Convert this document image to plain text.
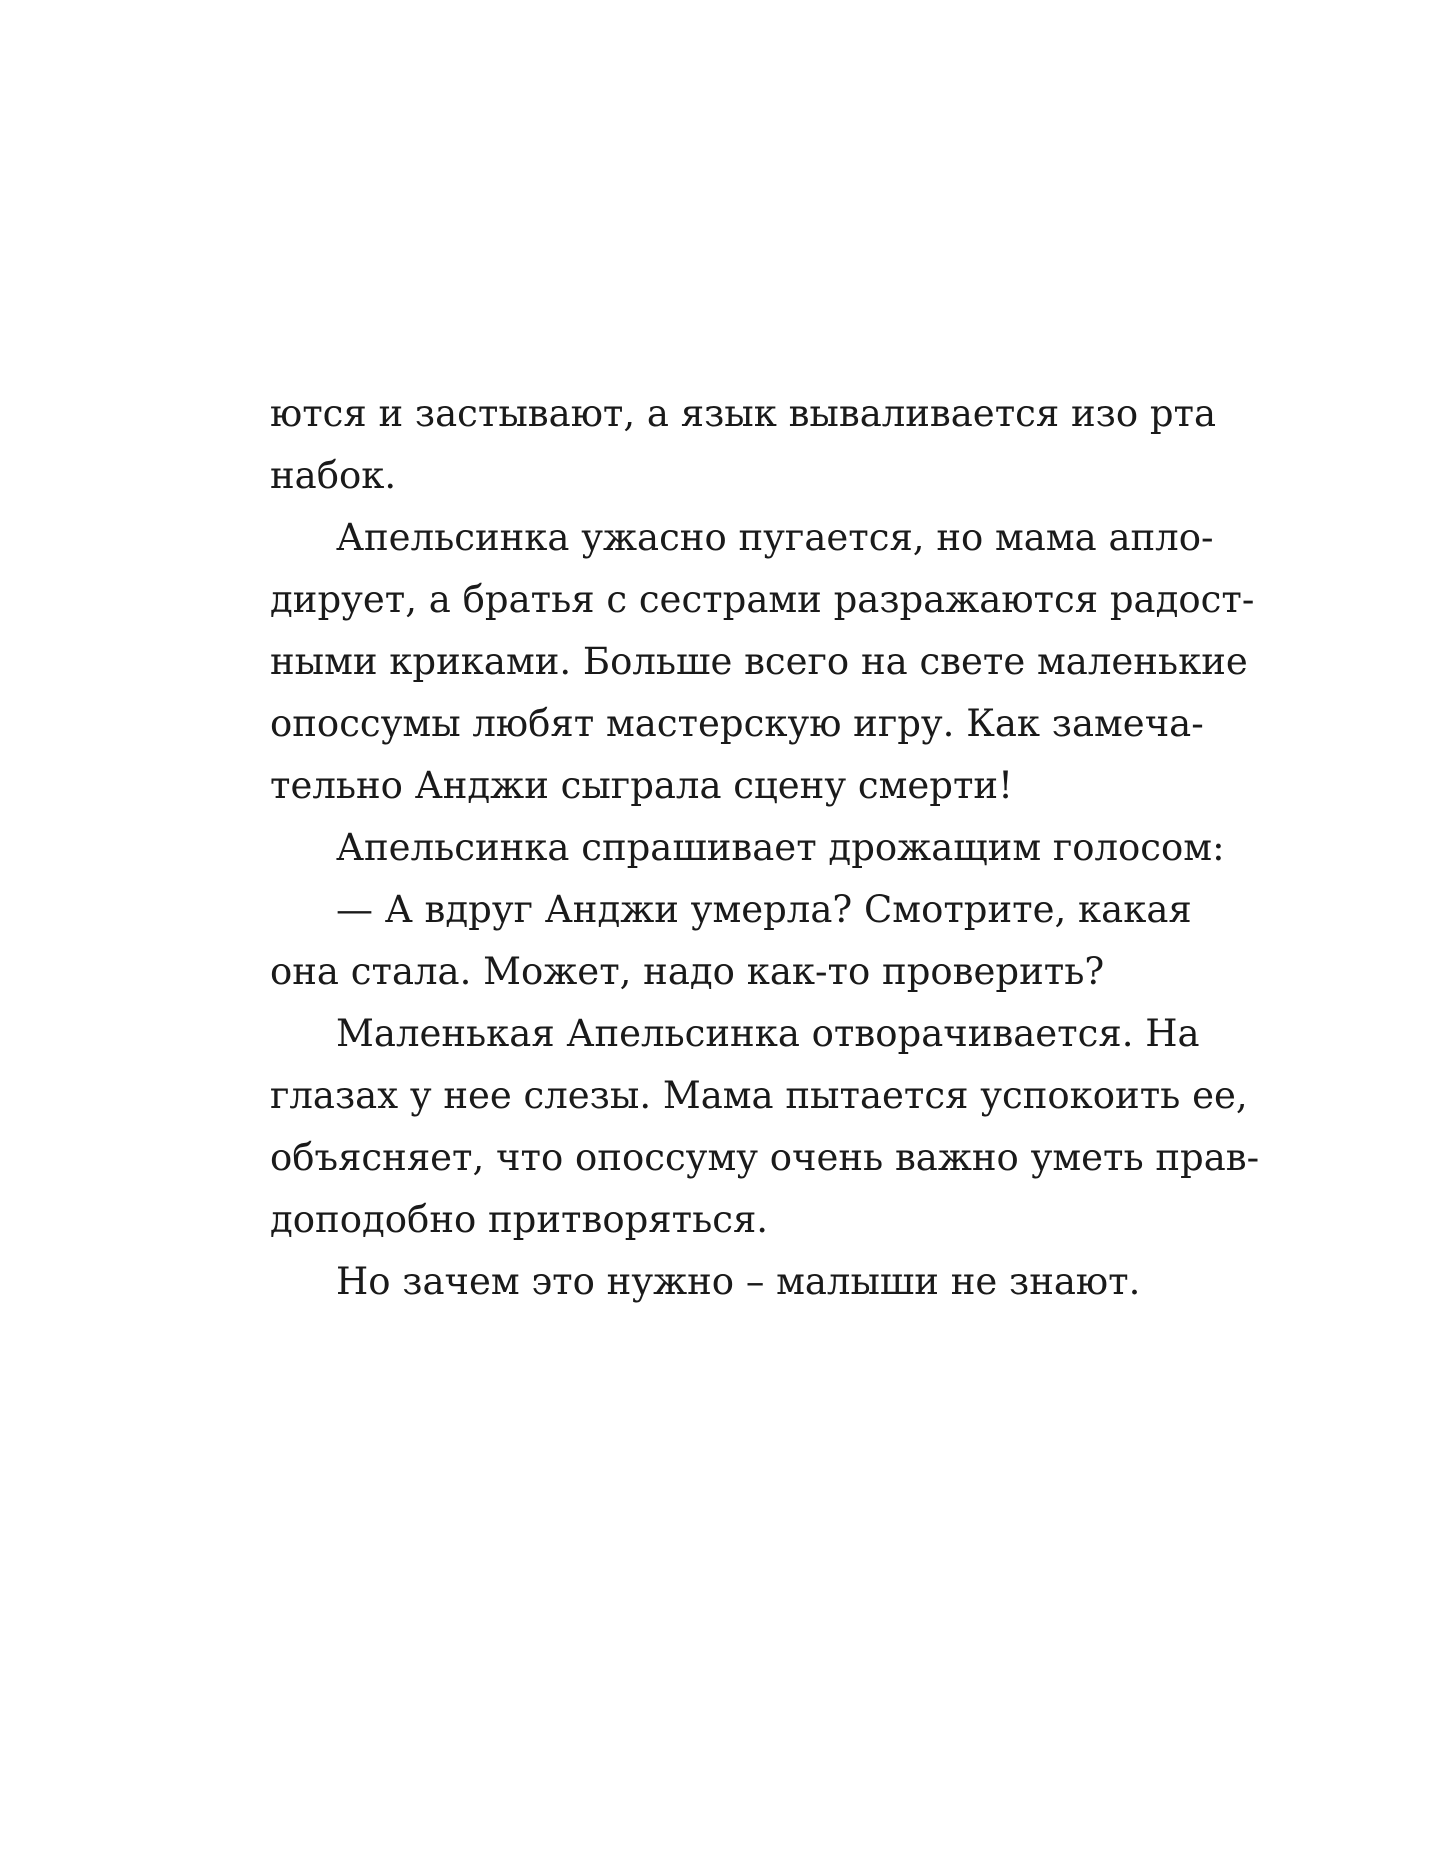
ются и застывают, а язык вываливается изо рта
набок.
Апельсинка ужасно пугается, но мама апло-
дирует, а братья с сестрами разражаются радост-
ными криками. Больше всего на свете маленькие
опоссумы любят мастерскую игру. Как замеча-
тельно Анджи сыграла сцену смерти!
Апельсинка спрашивает дрожащим голосом:
— А вдруг Анджи умерла? Смотрите, какая
она стала. Может, надо как-то проверить?
Маленькая Апельсинка отворачивается. На
глазах у нее слезы. Мама пытается успокоить ее,
объясняет, что опоссуму очень важно уметь прав-
доподобно притворяться.
Но зачем это нужно – малыши не знают.
